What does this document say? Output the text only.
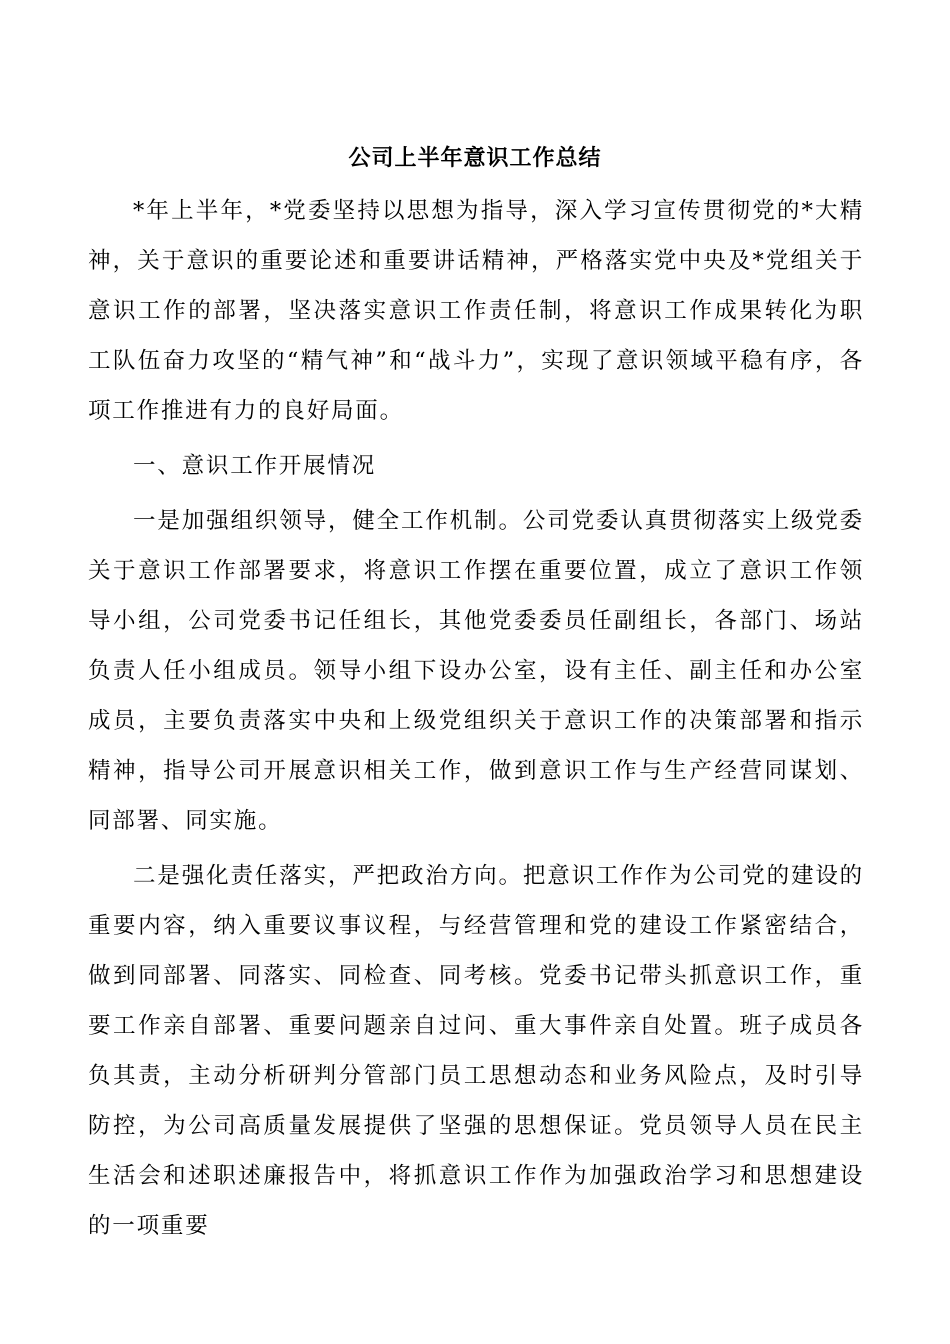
公司上半年意识工作总结

*年上半年，*党委坚持以思想为指导，深入学习宣传贯彻党的*大精神，关于意识的重要论述和重要讲话精神，严格落实党中央及*党组关于意识工作的部署，坚决落实意识工作责任制，将意识工作成果转化为职工队伍奋力攻坚的“精气神”和“战斗力”，实现了意识领域平稳有序，各项工作推进有力的良好局面。

一、意识工作开展情况

一是加强组织领导，健全工作机制。公司党委认真贯彻落实上级党委关于意识工作部署要求，将意识工作摆在重要位置，成立了意识工作领导小组，公司党委书记任组长，其他党委委员任副组长，各部门、场站负责人任小组成员。领导小组下设办公室，设有主任、副主任和办公室成员，主要负责落实中央和上级党组织关于意识工作的决策部署和指示精神，指导公司开展意识相关工作，做到意识工作与生产经营同谋划、同部署、同实施。

二是强化责任落实，严把政治方向。把意识工作作为公司党的建设的重要内容，纳入重要议事议程，与经营管理和党的建设工作紧密结合，做到同部署、同落实、同检查、同考核。党委书记带头抓意识工作，重要工作亲自部署、重要问题亲自过问、重大事件亲自处置。班子成员各负其责，主动分析研判分管部门员工思想动态和业务风险点，及时引导防控，为公司高质量发展提供了坚强的思想保证。党员领导人员在民主生活会和述职述廉报告中，将抓意识工作作为加强政治学习和思想建设的一项重要
